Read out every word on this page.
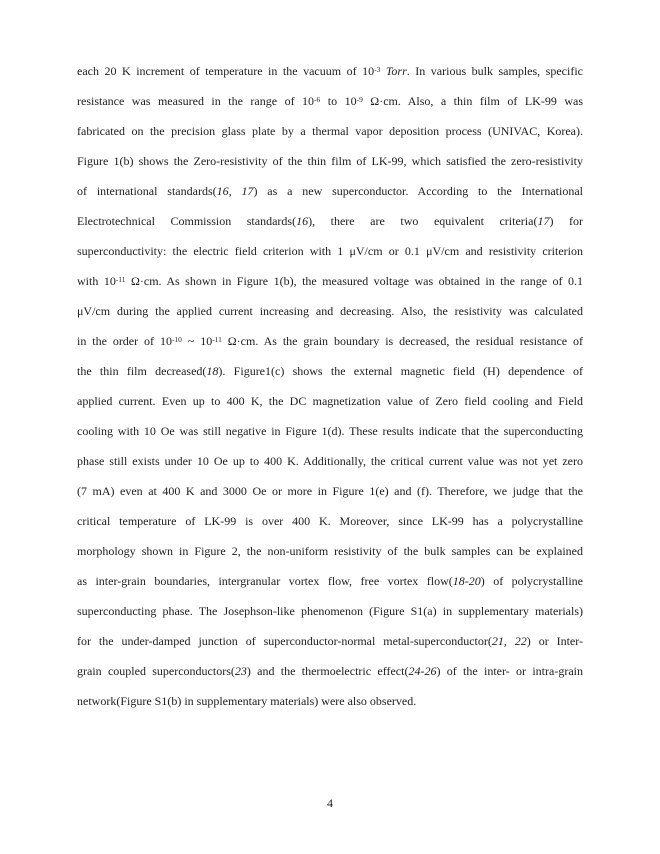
each 20 K increment of temperature in the vacuum of $10^{-3}$ Torr. In various bulk samples, specific
resistance was measured in the range of $10^{-6}$ to $10^{-9}$ Ω·cm. Also, a thin film of LK-99 was
fabricated on the precision glass plate by a thermal vapor deposition process (UNIVAC, Korea).
Figure 1(b) shows the Zero-resistivity of the thin film of LK-99, which satisfied the zero-resistivity
of international standards(16, 17) as a new superconductor. According to the International
Electrotechnical Commission standards(16), there are two equivalent criteria(17) for
superconductivity: the electric field criterion with 1 μV/cm or 0.1 μV/cm and resistivity criterion
with $10^{-11}$ Ω·cm. As shown in Figure 1(b), the measured voltage was obtained in the range of 0.1
μV/cm during the applied current increasing and decreasing. Also, the resistivity was calculated
in the order of $10^{-10}$ ~ $10^{-11}$ Ω·cm. As the grain boundary is decreased, the residual resistance of
the thin film decreased(18). Figure1(c) shows the external magnetic field (H) dependence of
applied current. Even up to 400 K, the DC magnetization value of Zero field cooling and Field
cooling with 10 Oe was still negative in Figure 1(d). These results indicate that the superconducting
phase still exists under 10 Oe up to 400 K. Additionally, the critical current value was not yet zero
(7 mA) even at 400 K and 3000 Oe or more in Figure 1(e) and (f). Therefore, we judge that the
critical temperature of LK-99 is over 400 K. Moreover, since LK-99 has a polycrystalline
morphology shown in Figure 2, the non-uniform resistivity of the bulk samples can be explained
as inter-grain boundaries, intergranular vortex flow, free vortex flow(18-20) of polycrystalline
superconducting phase. The Josephson-like phenomenon (Figure S1(a) in supplementary materials)
for the under-damped junction of superconductor-normal metal-superconductor(21, 22) or Inter-
grain coupled superconductors(23) and the thermoelectric effect(24-26) of the inter- or intra-grain
network(Figure S1(b) in supplementary materials) were also observed.
4
